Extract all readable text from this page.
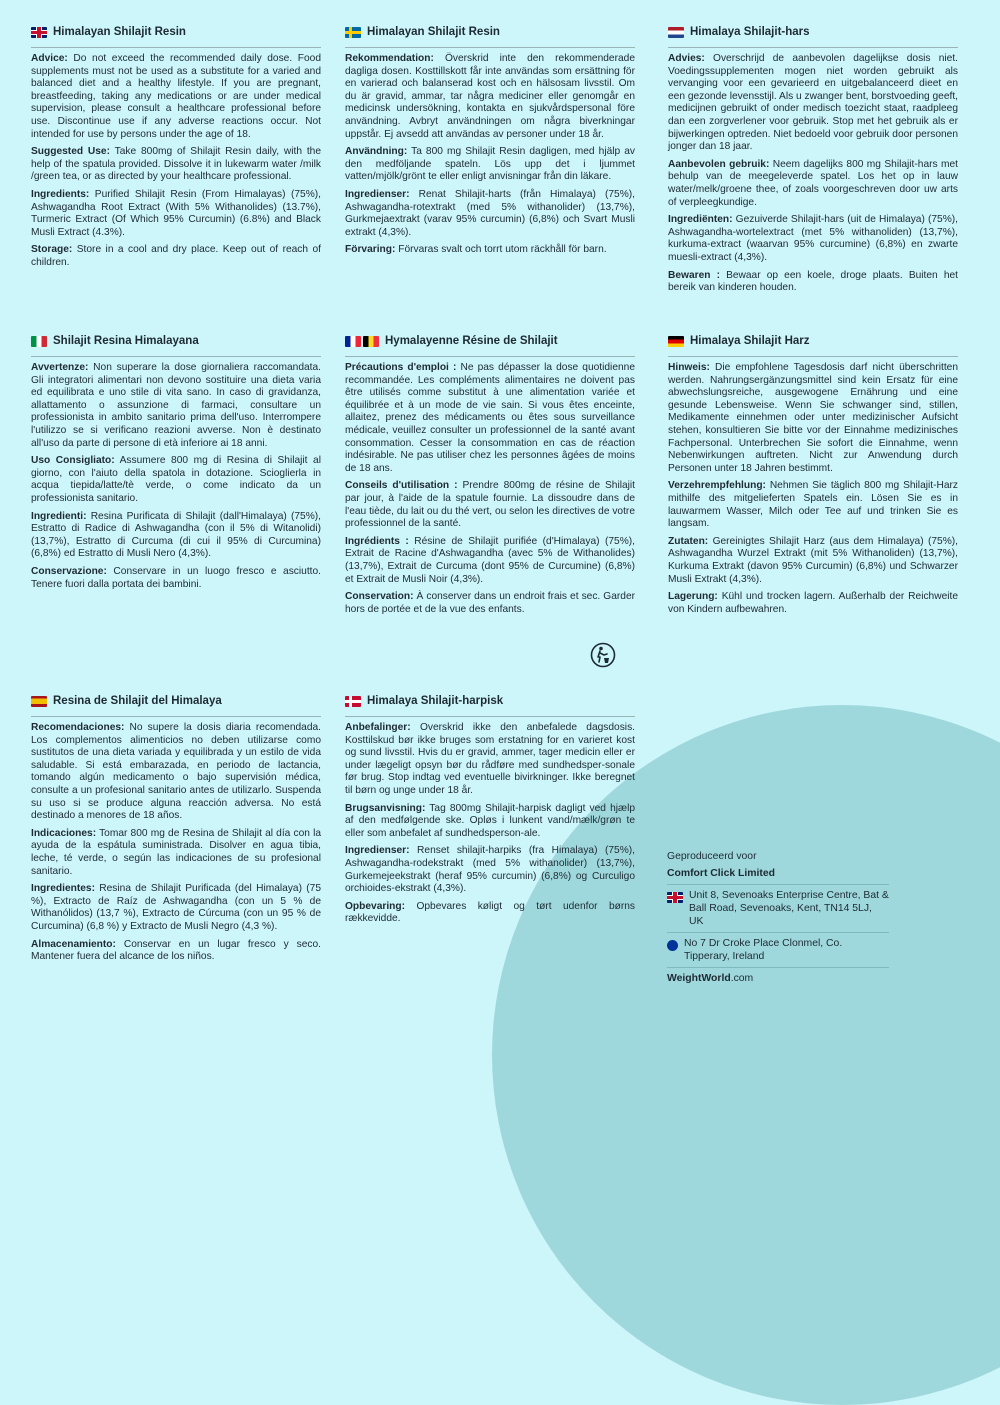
Himalayan Shilajit Resin
Advice: Do not exceed the recommended daily dose. Food supplements must not be used as a substitute for a varied and balanced diet and a healthy lifestyle. If you are pregnant, breastfeeding, taking any medications or are under medical supervision, please consult a healthcare professional before use. Discontinue use if any adverse reactions occur. Not intended for use by persons under the age of 18.
Suggested Use: Take 800mg of Shilajit Resin daily, with the help of the spatula provided. Dissolve it in lukewarm water /milk /green tea, or as directed by your healthcare professional.
Ingredients: Purified Shilajit Resin (From Himalayas) (75%), Ashwagandha Root Extract (With 5% Withanolides) (13.7%), Turmeric Extract (Of Which 95% Curcumin) (6.8%) and Black Musli Extract (4.3%).
Storage: Store in a cool and dry place. Keep out of reach of children.
Himalayan Shilajit Resin
Rekommendation: Överskrid inte den rekommenderade dagliga dosen. Kosttillskott får inte användas som ersättning för en varierad och balanserad kost och en hälsosam livsstil. Om du är gravid, ammar, tar några mediciner eller genomgår en medicinsk undersökning, kontakta en sjukvårdspersonal före användning. Avbryt användningen om några biverkningar uppstår. Ej avsedd att användas av personer under 18 år.
Användning: Ta 800 mg Shilajit Resin dagligen, med hjälp av den medföljande spateln. Lös upp det i ljummet vatten/mjölk/grönt te eller enligt anvisningar från din läkare.
Ingredienser: Renat Shilajit-harts (från Himalaya) (75%), Ashwagandha-rotextrakt (med 5% withanolider) (13,7%), Gurkmejaextrakt (varav 95% curcumin) (6,8%) och Svart Musli extrakt (4,3%).
Förvaring: Förvaras svalt och torrt utom räckhåll för barn.
Himalaya Shilajit-hars
Advies: Overschrijd de aanbevolen dagelijkse dosis niet. Voedingssupplementen mogen niet worden gebruikt als vervanging voor een gevarieerd en uitgebalanceerd dieet en een gezonde levensstijl. Als u zwanger bent, borstvoeding geeft, medicijnen gebruikt of onder medisch toezicht staat, raadpleeg dan een zorgverlener voor gebruik. Stop met het gebruik als er bijwerkingen optreden. Niet bedoeld voor gebruik door personen jonger dan 18 jaar.
Aanbevolen gebruik: Neem dagelijks 800 mg Shilajit-hars met behulp van de meegeleverde spatel. Los het op in lauw water/melk/groene thee, of zoals voorgeschreven door uw arts of verpleegkundige.
Ingrediënten: Gezuiverde Shilajit-hars (uit de Himalaya) (75%), Ashwagandha-wortelextract (met 5% withanoliden) (13,7%), kurkuma-extract (waarvan 95% curcumine) (6,8%) en zwarte muesli-extract (4,3%).
Bewaren : Bewaar op een koele, droge plaats. Buiten het bereik van kinderen houden.
Shilajit Resina Himalayana
Avvertenze: Non superare la dose giornaliera raccomandata. Gli integratori alimentari non devono sostituire una dieta varia ed equilibrata e uno stile di vita sano. In caso di gravidanza, allattamento o assunzione di farmaci, consultare un professionista in ambito sanitario prima dell'uso. Interrompere l'utilizzo se si verificano reazioni avverse. Non è destinato all'uso da parte di persone di età inferiore ai 18 anni.
Uso Consigliato: Assumere 800 mg di Resina di Shilajit al giorno, con l'aiuto della spatola in dotazione. Scioglierla in acqua tiepida/latte/tè verde, o come indicato da un professionista sanitario.
Ingredienti: Resina Purificata di Shilajit (dall'Himalaya) (75%), Estratto di Radice di Ashwagandha (con il 5% di Witanolidi) (13,7%), Estratto di Curcuma (di cui il 95% di Curcumina) (6,8%) ed Estratto di Musli Nero (4,3%).
Conservazione: Conservare in un luogo fresco e asciutto. Tenere fuori dalla portata dei bambini.
Hymalayenne Résine de Shilajit
Précautions d'emploi : Ne pas dépasser la dose quotidienne recommandée. Les compléments alimentaires ne doivent pas être utilisés comme substitut à une alimentation variée et équilibrée et à un mode de vie sain. Si vous êtes enceinte, allaitez, prenez des médicaments ou êtes sous surveillance médicale, veuillez consulter un professionnel de la santé avant consommation. Cesser la consommation en cas de réaction indésirable. Ne pas utiliser chez les personnes âgées de moins de 18 ans.
Conseils d'utilisation : Prendre 800mg de résine de Shilajit par jour, à l'aide de la spatule fournie. La dissoudre dans de l'eau tiède, du lait ou du thé vert, ou selon les directives de votre professionnel de la santé.
Ingrédients : Résine de Shilajit purifiée (d'Himalaya) (75%), Extrait de Racine d'Ashwagandha (avec 5% de Withanolides) (13,7%), Extrait de Curcuma (dont 95% de Curcumine) (6,8%) et Extrait de Musli Noir (4,3%).
Conservation: À conserver dans un endroit frais et sec. Garder hors de portée et de la vue des enfants.
Himalaya Shilajit Harz
Hinweis: Die empfohlene Tagesdosis darf nicht überschritten werden. Nahrungsergänzungsmittel sind kein Ersatz für eine abwechslungsreiche, ausgewogene Ernährung und eine gesunde Lebensweise. Wenn Sie schwanger sind, stillen, Medikamente einnehmen oder unter medizinischer Aufsicht stehen, konsultieren Sie bitte vor der Einnahme medizinisches Fachpersonal. Unterbrechen Sie sofort die Einnahme, wenn Nebenwirkungen auftreten. Nicht zur Anwendung durch Personen unter 18 Jahren bestimmt.
Verzehrempfehlung: Nehmen Sie täglich 800 mg Shilajit-Harz mithilfe des mitgelieferten Spatels ein. Lösen Sie es in lauwarmem Wasser, Milch oder Tee auf und trinken Sie es langsam.
Zutaten: Gereinigtes Shilajit Harz (aus dem Himalaya) (75%), Ashwagandha Wurzel Extrakt (mit 5% Withanoliden) (13,7%), Kurkuma Extrakt (davon 95% Curcumin) (6,8%) und Schwarzer Musli Extrakt (4,3%).
Lagerung: Kühl und trocken lagern. Außerhalb der Reichweite von Kindern aufbewahren.
Resina de Shilajit del Himalaya
Recomendaciones: No supere la dosis diaria recomendada. Los complementos alimenticios no deben utilizarse como sustitutos de una dieta variada y equilibrada y un estilo de vida saludable. Si está embarazada, en periodo de lactancia, tomando algún medicamento o bajo supervisión médica, consulte a un profesional sanitario antes de utilizarlo. Suspenda su uso si se produce alguna reacción adversa. No está destinado a menores de 18 años.
Indicaciones: Tomar 800 mg de Resina de Shilajit al día con la ayuda de la espátula suministrada. Disolver en agua tibia, leche, té verde, o según las indicaciones de su profesional sanitario.
Ingredientes: Resina de Shilajit Purificada (del Himalaya) (75 %), Extracto de Raíz de Ashwagandha (con un 5 % de Withanólidos) (13,7 %), Extracto de Cúrcuma (con un 95 % de Curcumina) (6,8 %) y Extracto de Musli Negro (4,3 %).
Almacenamiento: Conservar en un lugar fresco y seco. Mantener fuera del alcance de los niños.
Himalaya Shilajit-harpisk
Anbefalinger: Overskrid ikke den anbefalede dagsdosis. Kosttilskud bør ikke bruges som erstatning for en varieret kost og sund livsstil. Hvis du er gravid, ammer, tager medicin eller er under lægeligt opsyn bør du rådføre med sundhedsper-sonale før brug. Stop indtag ved eventuelle bivirkninger. Ikke beregnet til børn og unge under 18 år.
Brugsanvisning: Tag 800mg Shilajit-harpisk dagligt ved hjælp af den medfølgende ske. Opløs i lunkent vand/mælk/grøn te eller som anbefalet af sundhedsperson-ale.
Ingredienser: Renset shilajit-harpiks (fra Himalaya) (75%), Ashwagandha-rodekstrakt (med 5% withanolider) (13,7%), Gurkemejeekstrakt (heraf 95% curcumin) (6,8%) og Curculigo orchioides-ekstrakt (4,3%).
Opbevaring: Opbevares køligt og tørt udenfor børns rækkevidde.
Geproduceerd voor
Comfort Click Limited
Unit 8, Sevenoaks Enterprise Centre, Bat & Ball Road, Sevenoaks, Kent, TN14 5LJ, UK
No 7 Dr Croke Place Clonmel, Co. Tipperary, Ireland
WeightWorld.com
